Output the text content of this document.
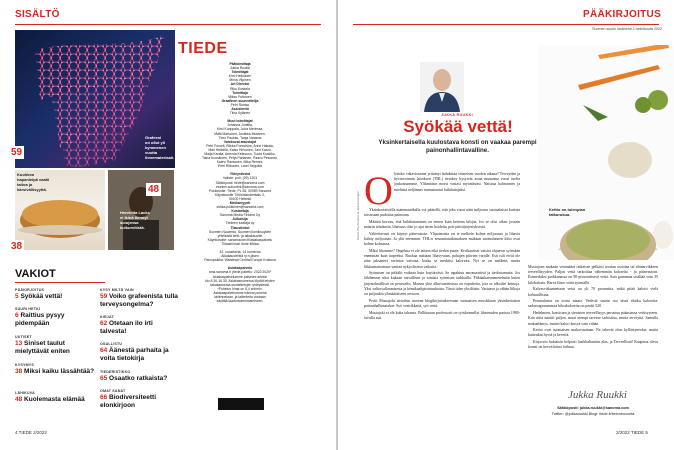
SISÄLTÖ
Grafeeni
on ollut yli
kymmenen
vuotta
ihmemateriaali.
59
Kuohkea
hapanleipä vaatii
taitoa ja
kärsivällisyyttä.
38
Henrietta Lacks
ei ikinä tiennyt
solujensa
kulkureitistä.
48
TIEDE
Päätoimittaja
Jukka Ruukki
Toimittajat
Kimi Heikkinen
Mirva Vilpinen
Art Director
Riku Koskela
Toimittaja
Mikko Puttonen
Graafinen suunnittelija
Petri Runtso
Assistentti
Tiina Kylänen
Muut toimittajat
Johanna Junttila,
Kirsi Kuoppala, Juha Merimaa,
Matti Martonen, Annikka Mutanen,
Timo Paukku, Tanja Vasama
Valokuvat awustajat
Petri Forsell, Riikka Forsström, Anne Hakala,
Mari Heikkilä, Kaisu Hirvonen, Jani Kaaro,
Maija Karala, Artemia Kelesoon, Tuula Koskiku,
Taina Kuoskinen, Petja Partanen, Paavo Pesonen,
Kalevi Rantanen, Mika Remes,
Petri Riikonen, Lauri Seppälä
Yhteystiedot
Vaihde: puh. (09) 1201
Sähköposti: tiede@sanoma.com
etunimi.sukunimi@sanoma.com
Postiosoite: Tiede, PL 65, 00089 Sanoma
Käyntiosoite Töölönlahdenkatu 2,
00100 Helsinki
Mediamyynti
sirkka.pulkkinen@sanoma.com
Kustantaja
Sanoma Media Finland Oy
Julkaisija
Tiedeen tuottaja oy
Tilaustiedot
Suomen Nuuemia, Suomen Ilomiksoyden
yhteisistä lehti- ja aikakausille
Käyntiosoite: sanomacom.fi/asiakaspalvelu
Tilaushinnat: tiede.fi/tilaa
42. vuosikerta. 14 numeroa
Aikakauslehtiä ry:n jäsen
Painopaikka: Walstead Central Europe Krakova
Asiakaspalvelu
oma.sanoma.fi (tiede.palvelu: 2022:2020*
Asiakaspalvelumme palvelee arkisin
klo 8.30-16.30. Asiakasnumeroa löydät lehden
takakannesta osoitetietojen yhteydestä.
*Puhelun hinta on 8,4 snt/min.
Asiakaspalvelumme tulevat puhelut
tallennetaan, ja tallenteita voidaan
käyttää laadunvarmistamiseen,
VAKIOT
PÄÄKIRJOITUS
5 Syökää vettä!
SUURI HETKI
6 Raittius pysyy pidempään
UUTISET
13 Siniset taulut mielyttävät eniten
KYSYMYS
38 Miksi kaiku lässähtää?
LÄHIKUVA
48 Kuolemasta elämää
KYSY MILTÄ VAIN
59 Voiko grafeenista tulla terveysongelma?
KIRJAT
62 Otetaan ilo irti talvesta!
OSALLISTU
64 Äänestä parhaita ja voita tietokirja
TIEDERISTIKKO
65 Osaatko ratkaista?
OMAT SANAT
66 Biodiversiteetti elonkirjoon
4 TIEDE 2/2022
PÄÄKIRJOITUS
Suomen suurin tiedelehti 2 helmikuuta 2022
JUKKA RUUKKI
Syökää vettä!
Yksinkertaisella kuulostava konsti on vaakaa parempi painonhallintavalline.
Kuvat: Pia Arvonen & Jaana Hooppu	Keitto on tulenpian taikurukua.
O lettoko vakavissaane yrittänyt laihduttaa viimeisen vuoden aikana? Terveyden ja hyvinvoinnin laitoksen (THL) tietokey kysyivät asiaa muutama vuosi tuolta joukostuomme, Ylikmäisin morsi vastasi myöntäväst. Naisista kolmannes ja miehistä neljännes tunnustautui laihduttajaksi.

Yksinkertaistella matemaatikalla voi päätellä, että joka vuosi näin miljoona suomalaista koettaa toisissaan pudottaa painoaan.

Määärä korvau, että laihduttaminen on ennen kuin kertena kilojia. Jos se olisi oikeu jossain määrin tehokasta, lihavuus olisi jo ajat sitten hoidettu pois päiväjärjestyksestä.

Valitettavasti on käynyt päinvastoin. Ylipainoisia on ie melkein kolme miljoonaa ja lihavia kahtiy miljoonaa. Ja yhä enemmin. THL:n seurantatutkimuksen mukaan suomalaisten kilot ovat kolme kolmassa.

Miksi lihomme? Ongelma ei ole taloon eikä tiedon puute. Kivikautiset vaistot ohjaavat syömään enemmän kuin tarpeeksi. Ruokaa mättaan lihavyvaan, puhujen päivien varalle. Esit isät eivät ole aina jaksaneet ravintoa vaivaaa, koska se merkitsi kaloreita. Nyt se on melkein, mutta liikkumattomuus varttaa nykyolioissa vaikutta.

Syömisen on pitkälti vaikeaa kuin kayttävästi. Se tapahtuu automaattisti ja tiedostamatta. Jos lähdemme siksi kukaan rasvallisen ja tomista syömisen tarkkailla. Pitkäaikaismenetelmän kuten järjestelmällisiä on perusteltu. Maisen yhte alkuvaatteisissa on eripuheita, jota se ulkoilee keinoja. Yksi valtiovallanmisesta ja kemikaalipitoisuuksista. Tässä tulee yksilöisin. Vastaava ja vähän liikoja on paljonkin ylimääräiseen arvioon.

Pertti Mustajoki tietoihin tuorena blogikirjoituksessaan suomaisen merokkaan yksinkertaisen painonhallintatalon: Syö vesirikkaitä, syö vettä.

Mustajoki ei ole kuka tahansa. Pallittuaan professorit on työskennellyt lihavuuden parissa 1980-luvulla asti.

Mustajoen mukaan vesimäärä ratkaisee pelkästi teorian osoittaa tai elintarvikkeen terveellisyyden. Paljon vettä tarkoittaa vähemmän kaloreita - ja päinvastoin. Esimerkiksi porkkanassa on 90-prosenttisesti vettä. Sata grammaa sisältää vain 35 kilokaloria. Harva lihoo vettä syömällä.

Kalvasvitkumeetaan vettä on yli 70 prosenttia, mikä pitää kalorit vielä kohtuullisina.

Perunalastut on toista maata. Vedestä suurin osa tässä tilatku kaloreita: sadassagrammassa kiloakaloreita on peräti 520.

Hedelmien, kasvisten ja sienisten terveellisyys perustuu pääasiassa vettisyyteen. Kun niitä nauttii paljon, muut aiempi tarvitse tarkisttua, mutta terveyttä. Samalla makuelämys, muttei kalori kertyä vain vähän.

Keitot ovat suomaisen mukavuuttaan. Ne tekevät olon kyllästyneeksi, mutta kuitenkin hyviä ja keveitä.

Kirjaveto haluaisin helposti lusikkaliuntiin alas, ja Terveellistä! Kaapissa oleva konsti on keveä keino laihtua.

Jukka Ruukki
Sähköposti: jukka.ruukki@sanoma.com
Twitter: @jukkaruukki Blogi: tiede.fi/tietoneuvonta
2/2022 TIEDE 5
